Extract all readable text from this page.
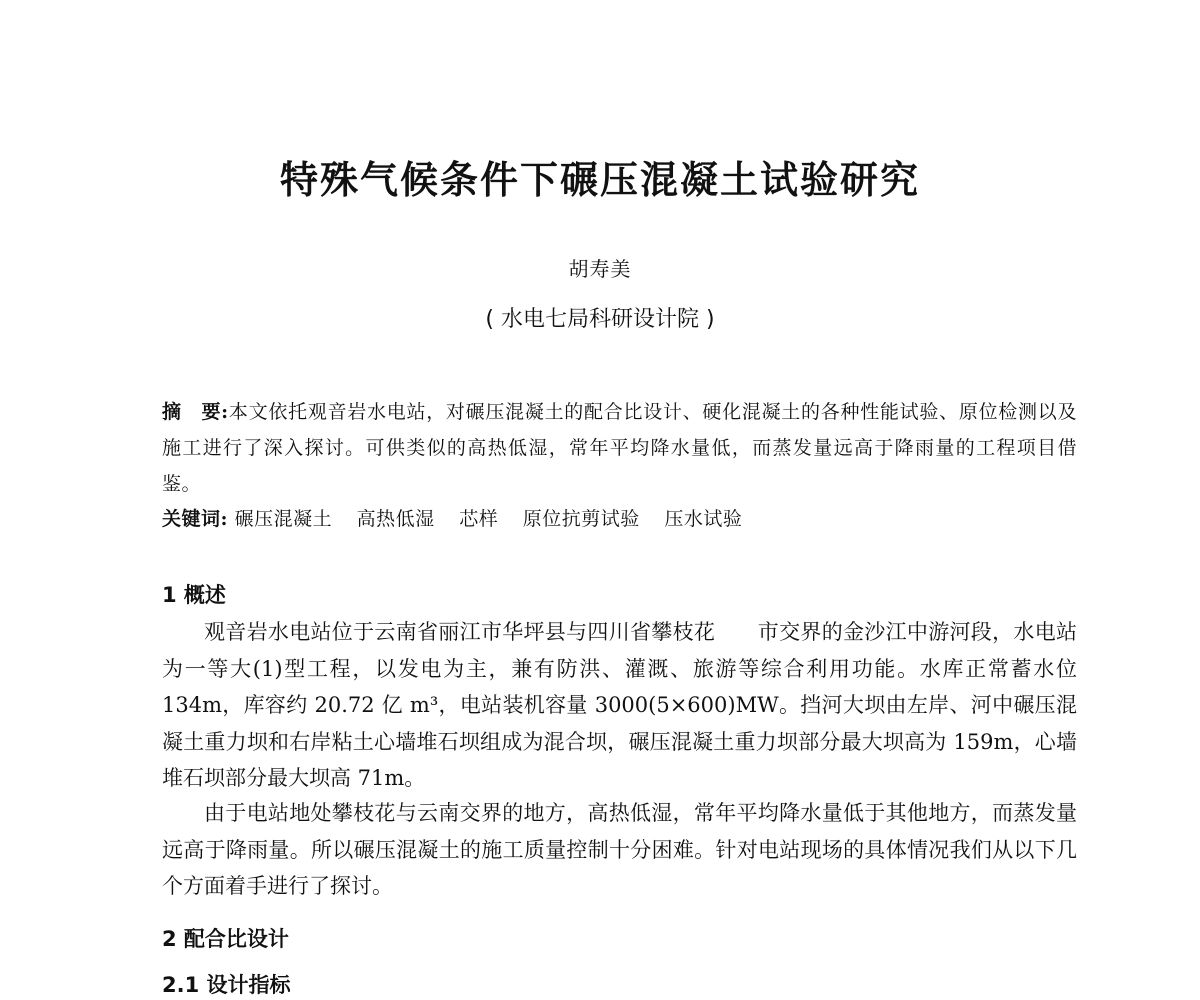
特殊气候条件下碾压混凝土试验研究
胡寿美
( 水电七局科研设计院 )
摘　要:本文依托观音岩水电站，对碾压混凝土的配合比设计、硬化混凝土的各种性能试验、原位检测以及施工进行了深入探讨。可供类似的高热低湿，常年平均降水量低，而蒸发量远高于降雨量的工程项目借鉴。
关键词: 碾压混凝土 高热低湿 芯样 原位抗剪试验 压水试验
1 概述
观音岩水电站位于云南省丽江市华坪县与四川省攀枝花　　市交界的金沙江中游河段，水电站为一等大(1)型工程，以发电为主，兼有防洪、灌溉、旅游等综合利用功能。水库正常蓄水位 134m，库容约 20.72 亿 m³，电站装机容量 3000(5×600)MW。挡河大坝由左岸、河中碾压混凝土重力坝和右岸粘土心墙堆石坝组成为混合坝，碾压混凝土重力坝部分最大坝高为 159m，心墙堆石坝部分最大坝高 71m。
由于电站地处攀枝花与云南交界的地方，高热低湿，常年平均降水量低于其他地方，而蒸发量远高于降雨量。所以碾压混凝土的施工质量控制十分困难。针对电站现场的具体情况我们从以下几个方面着手进行了探讨。
2 配合比设计
2.1 设计指标
